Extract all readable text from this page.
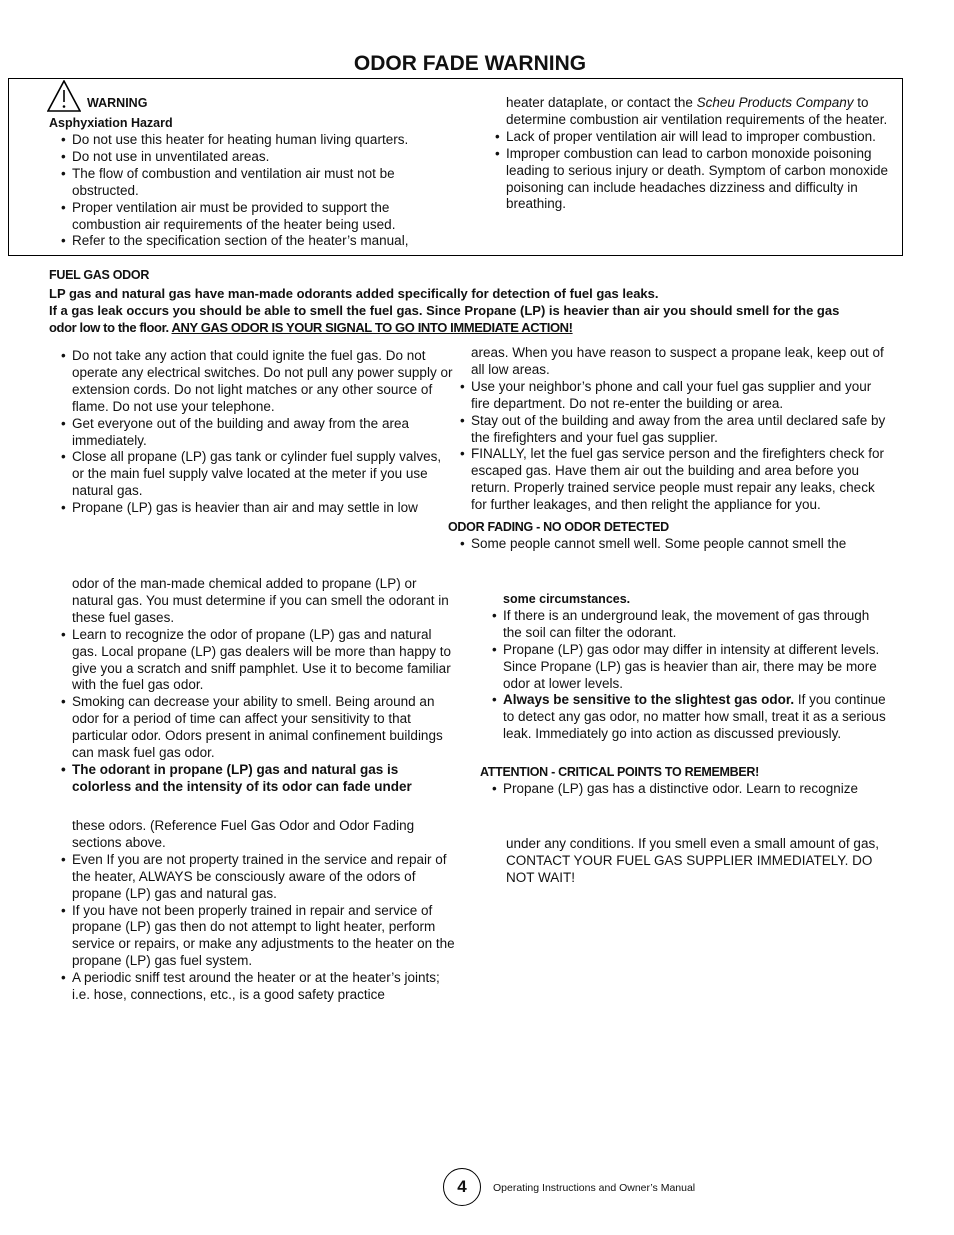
ODOR FADE WARNING
WARNING
Asphyxiation Hazard
• Do not use this heater for heating human living quarters.
• Do not use in unventilated areas.
• The flow of combustion and ventilation air must not be obstructed.
• Proper ventilation air must be provided to support the combustion air requirements of the heater being used.
• Refer to the specification section of the heater’s manual,
heater dataplate, or contact the Scheu Products Company to determine combustion air ventilation requirements of the heater.
• Lack of proper ventilation air will lead to improper combustion.
• Improper combustion can lead to carbon monoxide poisoning leading to serious injury or death. Symptom of carbon monoxide poisoning can include headaches dizziness and difficulty in breathing.
FUEL GAS ODOR
LP gas and natural gas have man-made odorants added specifically for detection of fuel gas leaks.
If a gas leak occurs you should be able to smell the fuel gas. Since Propane (LP) is heavier than air you should smell for the gas
odor low to the floor. ANY GAS ODOR IS YOUR SIGNAL TO GO INTO IMMEDIATE ACTION!
• Do not take any action that could ignite the fuel gas. Do not operate any electrical switches. Do not pull any power supply or extension cords. Do not light matches or any other source of flame. Do not use your telephone.
• Get everyone out of the building and away from the area immediately.
• Close all propane (LP) gas tank or cylinder fuel supply valves, or the main fuel supply valve located at the meter if you use natural gas.
• Propane (LP) gas is heavier than air and may settle in low
areas. When you have reason to suspect a propane leak, keep out of all low areas.
• Use your neighbor’s phone and call your fuel gas supplier and your fire department. Do not re-enter the building or area.
• Stay out of the building and away from the area until declared safe by the firefighters and your fuel gas supplier.
• FINALLY, let the fuel gas service person and the firefighters check for escaped gas. Have them air out the building and area before you return. Properly trained service people must repair any leaks, check for further leakages, and then relight the appliance for you.
ODOR FADING - NO ODOR DETECTED
• Some people cannot smell well. Some people cannot smell the
odor of the man-made chemical added to propane (LP) or natural gas. You must determine if you can smell the odorant in these fuel gases.
• Learn to recognize the odor of propane (LP) gas and natural gas. Local propane (LP) gas dealers will be more than happy to give you a scratch and sniff pamphlet. Use it to become familiar with the fuel gas odor.
• Smoking can decrease your ability to smell. Being around an odor for a period of time can affect your sensitivity to that particular odor. Odors present in animal confinement buildings can mask fuel gas odor.
• The odorant in propane (LP) gas and natural gas is colorless and the intensity of its odor can fade under
some circumstances.
• If there is an underground leak, the movement of gas through the soil can filter the odorant.
• Propane (LP) gas odor may differ in intensity at different levels. Since Propane (LP) gas is heavier than air, there may be more odor at lower levels.
• Always be sensitive to the slightest gas odor. If you continue to detect any gas odor, no matter how small, treat it as a serious leak. Immediately go into action as discussed previously.
ATTENTION - CRITICAL POINTS TO REMEMBER!
• Propane (LP) gas has a distinctive odor. Learn to recognize
these odors. (Reference Fuel Gas Odor and Odor Fading sections above.
• Even If you are not property trained in the service and repair of the heater, ALWAYS be consciously aware of the odors of propane (LP) gas and natural gas.
• If you have not been properly trained in repair and service of propane (LP) gas then do not attempt to light heater, perform service or repairs, or make any adjustments to the heater on the propane (LP) gas fuel system.
• A periodic sniff test around the heater or at the heater’s joints; i.e. hose, connections, etc., is a good safety practice
under any conditions. If you smell even a small amount of gas, CONTACT YOUR FUEL GAS SUPPLIER IMMEDIATELY. DO NOT WAIT!
4	Operating Instructions and Owner’s Manual
